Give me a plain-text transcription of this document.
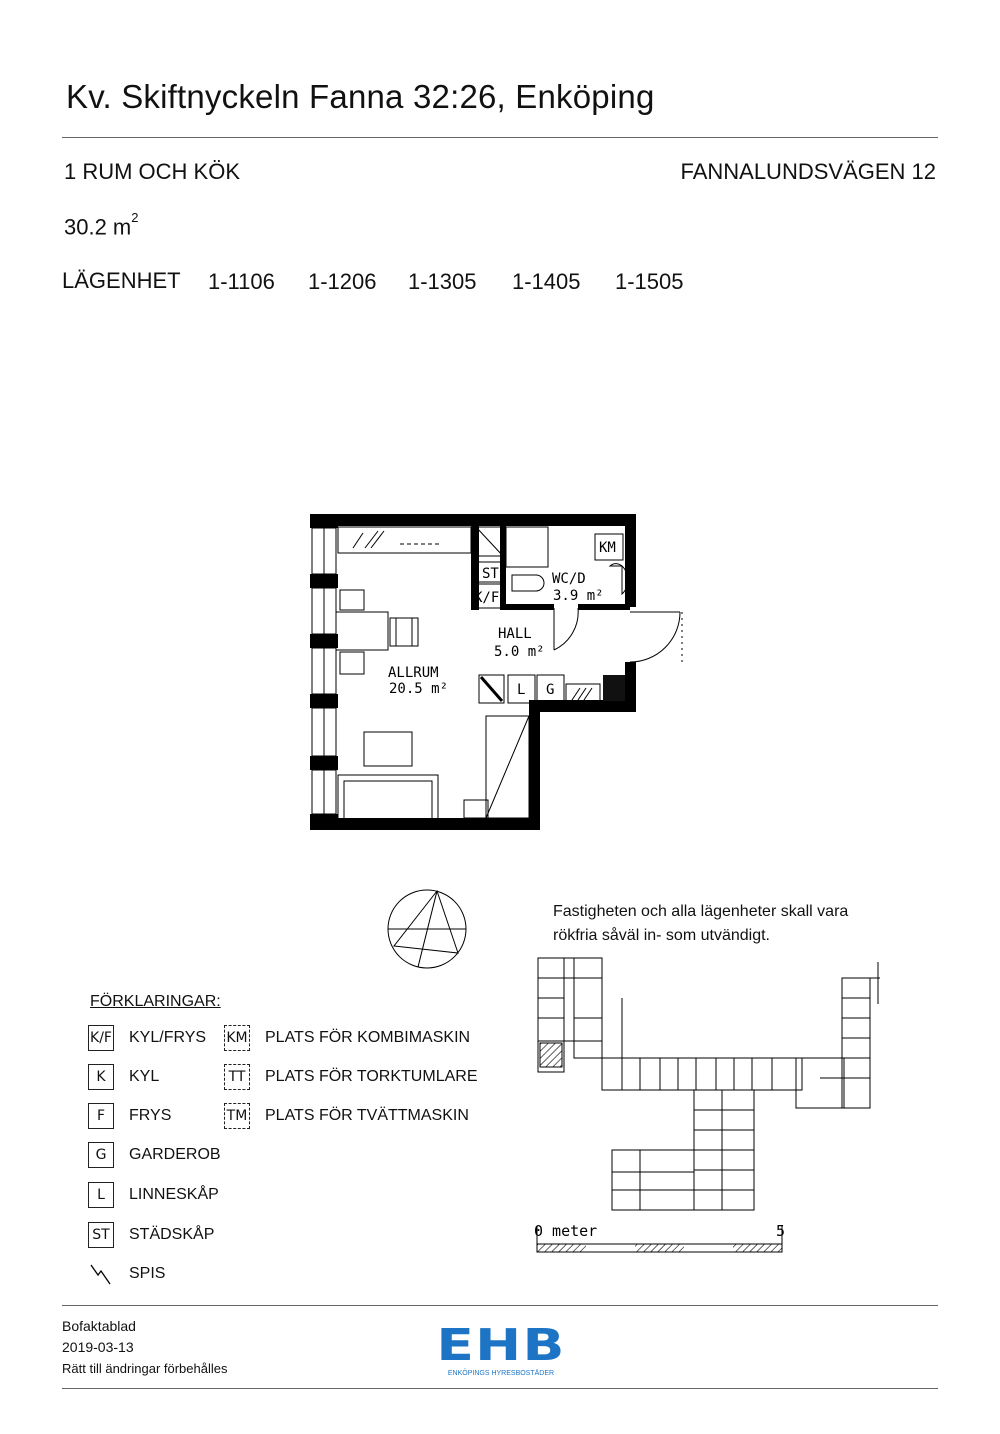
Kv. Skiftnyckeln Fanna 32:26, Enköping
1 RUM OCH KÖK	FANNALUNDSVÄGEN 12
30.2 $m^2$
LÄGENHET 1-1106	1-1206	1-1305	1-1405	1-1505
ST
K/F
KM
L G
WC/D
3.9 m²
HALL
5.0 m²
ALLRUM
20.5 m²
0 meter	5
Fastigheten och alla lägenheter skall vara
rökfria såväl in- som utvändigt.
FÖRKLARINGAR:
K/F KYL/FRYS
K	KYL
F	FRYS
G	GARDEROB
L	LINNESKÅP
ST STÄDSKÅP
SPIS
KM PLATS FÖR KOMBIMASKIN
TT PLATS FÖR TORKTUMLARE
TM PLATS FÖR TVÄTTMASKIN
Bofaktablad
2019-03-13
Rätt till ändringar förbehålles	EHB
ENKÖPINGS HYRESBOSTÄDER
